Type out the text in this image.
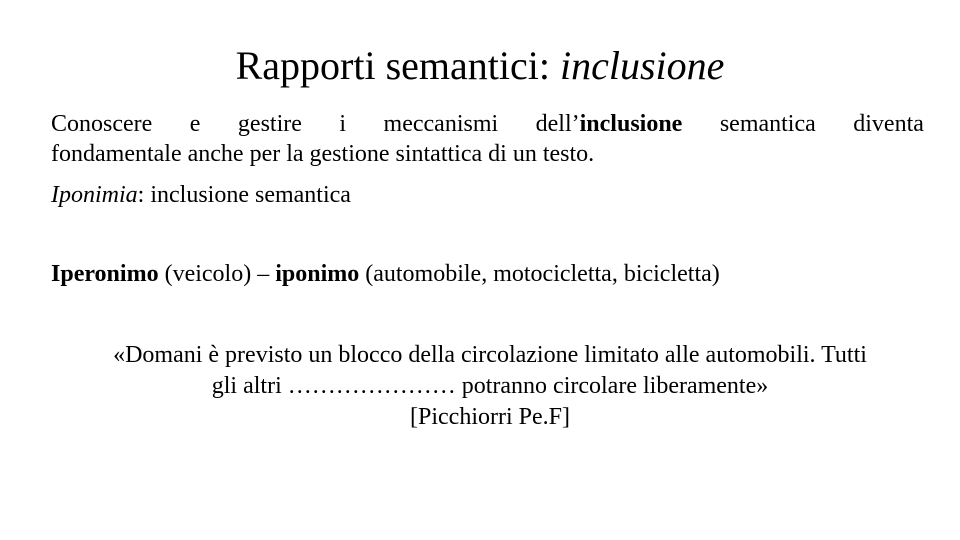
Rapporti semantici: inclusione
Conoscere e gestire i meccanismi dell’inclusione semantica diventa
fondamentale anche per la gestione sintattica di un testo.
Iponimia: inclusione semantica
Iperonimo (veicolo) – iponimo (automobile, motocicletta, bicicletta)
«Domani è previsto un blocco della circolazione limitato alle automobili. Tutti
gli altri ………………… potranno circolare liberamente»
[Picchiorri Pe.F]
